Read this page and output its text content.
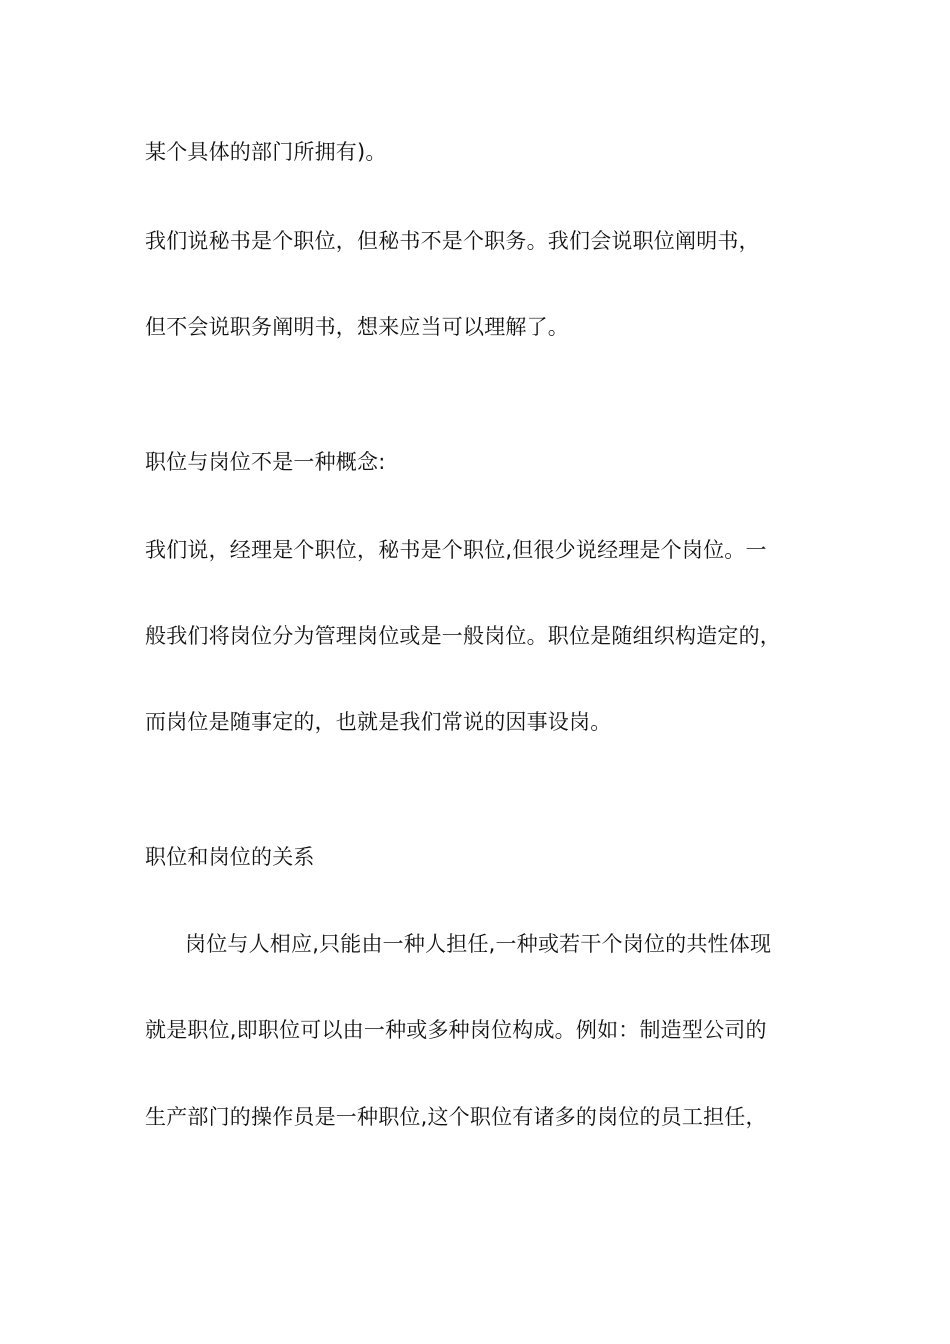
某个具体的部门所拥有)。
我们说秘书是个职位，但秘书不是个职务。我们会说职位阐明书，
但不会说职务阐明书，想来应当可以理解了。
职位与岗位不是一种概念:
我们说，经理是个职位，秘书是个职位,但很少说经理是个岗位。一
般我们将岗位分为管理岗位或是一般岗位。职位是随组织构造定的，
而岗位是随事定的，也就是我们常说的因事设岗。
职位和岗位的关系
岗位与人相应,只能由一种人担任,一种或若干个岗位的共性体现
就是职位,即职位可以由一种或多种岗位构成。例如：制造型公司的
生产部门的操作员是一种职位,这个职位有诸多的岗位的员工担任，
